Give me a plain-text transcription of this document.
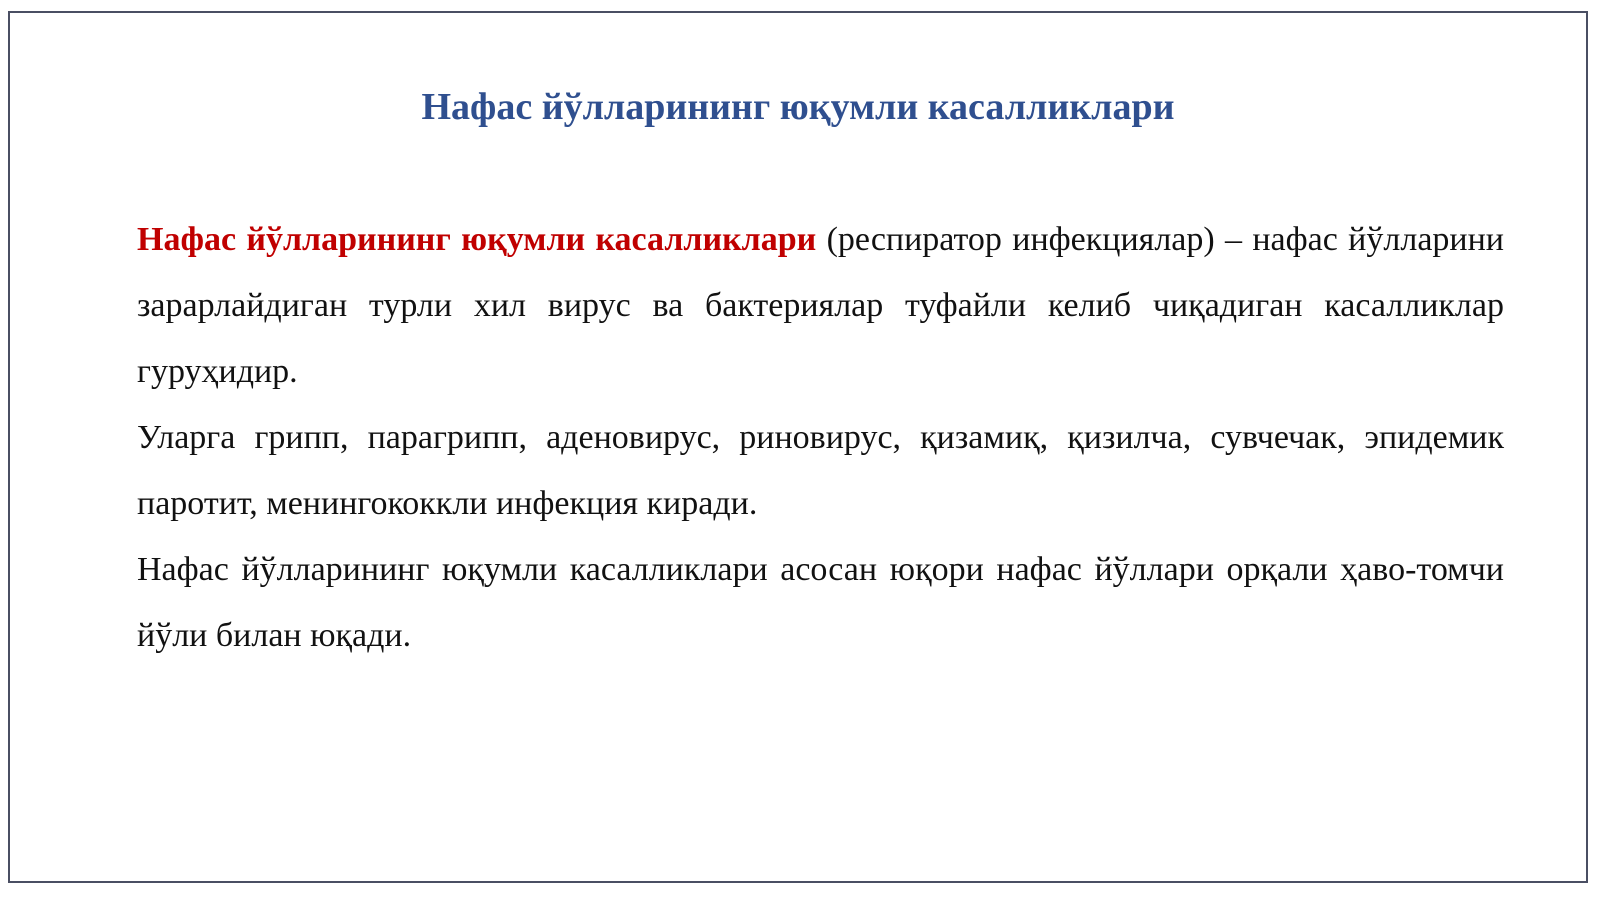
Нафас йўлларининг юқумли касалликлари

Нафас йўлларининг юқумли касалликлари (респиратор инфекциялар) – нафас йўлларини зарарлайдиган турли хил вирус ва бактериялар туфайли келиб чиқадиган касалликлар гуруҳидир.

Уларга грипп, парагрипп, аденовирус, риновирус, қизамиқ, қизилча, сувчечак, эпидемик паротит, менингококкли инфекция киради.

Нафас йўлларининг юқумли касалликлари асосан юқори нафас йўллари орқали ҳаво-томчи йўли билан юқади.
